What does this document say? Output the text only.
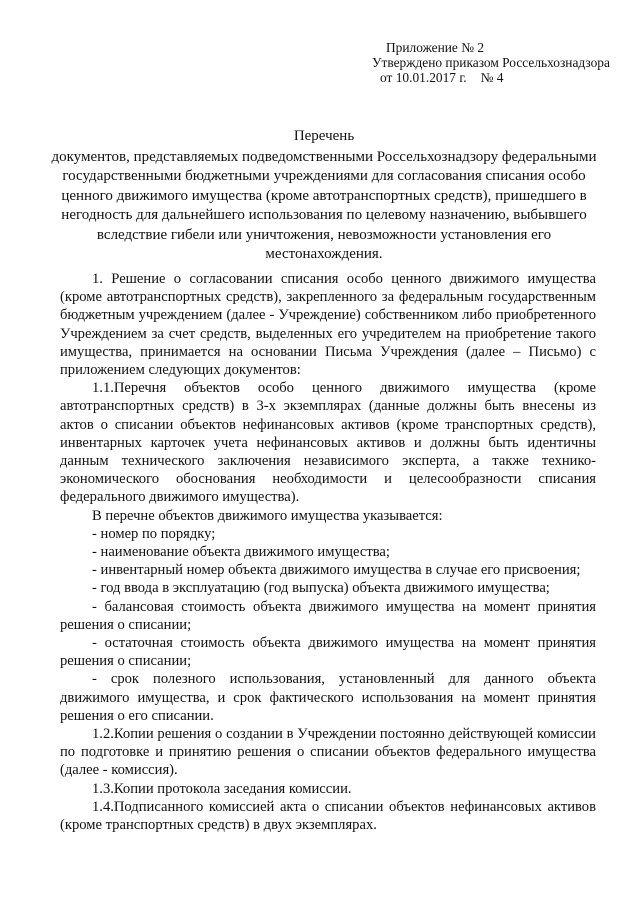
Приложение № 2
Утверждено приказом Россельхознадзора
от 10.01.2017 г. № 4
Перечень
документов, представляемых подведомственными Россельхознадзору федеральными государственными бюджетными учреждениями для согласования списания особо ценного движимого имущества (кроме автотранспортных средств), пришедшего в негодность для дальнейшего использования по целевому назначению, выбывшего вследствие гибели или уничтожения, невозможности установления его местонахождения.

1. Решение о согласовании списания особо ценного движимого имущества (кроме автотранспортных средств), закрепленного за федеральным государственным бюджетным учреждением (далее - Учреждение) собственником либо приобретенного Учреждением за счет средств, выделенных его учредителем на приобретение такого имущества, принимается на основании Письма Учреждения (далее – Письмо) с приложением следующих документов:

1.1.Перечня объектов особо ценного движимого имущества (кроме автотранспортных средств) в 3-х экземплярах (данные должны быть внесены из актов о списании объектов нефинансовых активов (кроме транспортных средств), инвентарных карточек учета нефинансовых активов и должны быть идентичны данным технического заключения независимого эксперта, а также технико-экономического обоснования необходимости и целесообразности списания федерального движимого имущества).

В перечне объектов движимого имущества указывается:

- номер по порядку;

- наименование объекта движимого имущества;

- инвентарный номер объекта движимого имущества в случае его присвоения;

- год ввода в эксплуатацию (год выпуска) объекта движимого имущества;

- балансовая стоимость объекта движимого имущества на момент принятия решения о списании;

- остаточная стоимость объекта движимого имущества на момент принятия решения о списании;

- срок полезного использования, установленный для данного объекта движимого имущества, и срок фактического использования на момент принятия решения о его списании.

1.2.Копии решения о создании в Учреждении постоянно действующей комиссии по подготовке и принятию решения о списании объектов федерального имущества (далее - комиссия).

1.3.Копии протокола заседания комиссии.

1.4.Подписанного комиссией акта о списании объектов нефинансовых активов (кроме транспортных средств) в двух экземплярах.
